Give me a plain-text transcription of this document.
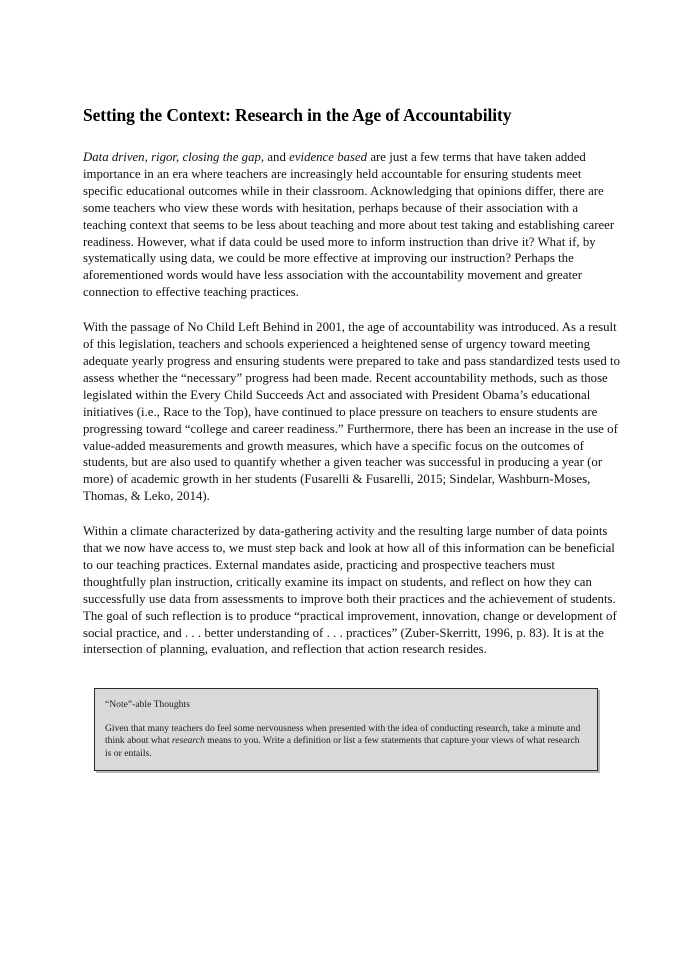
Setting the Context: Research in the Age of Accountability

Data driven, rigor, closing the gap, and evidence based are just a few terms that have taken added importance in an era where teachers are increasingly held accountable for ensuring students meet specific educational outcomes while in their classroom. Acknowledging that opinions differ, there are some teachers who view these words with hesitation, perhaps because of their association with a teaching context that seems to be less about teaching and more about test taking and establishing career readiness. However, what if data could be used more to inform instruction than drive it? What if, by systematically using data, we could be more effective at improving our instruction? Perhaps the aforementioned words would have less association with the accountability movement and greater connection to effective teaching practices.

With the passage of No Child Left Behind in 2001, the age of accountability was introduced. As a result of this legislation, teachers and schools experienced a heightened sense of urgency toward meeting adequate yearly progress and ensuring students were prepared to take and pass standardized tests used to assess whether the “necessary” progress had been made. Recent accountability methods, such as those legislated within the Every Child Succeeds Act and associated with President Obama’s educational initiatives (i.e., Race to the Top), have continued to place pressure on teachers to ensure students are progressing toward “college and career readiness.” Furthermore, there has been an increase in the use of value-added measurements and growth measures, which have a specific focus on the outcomes of students, but are also used to quantify whether a given teacher was successful in producing a year (or more) of academic growth in her students (Fusarelli & Fusarelli, 2015; Sindelar, Washburn-Moses, Thomas, & Leko, 2014).

Within a climate characterized by data-gathering activity and the resulting large number of data points that we now have access to, we must step back and look at how all of this information can be beneficial to our teaching practices. External mandates aside, practicing and prospective teachers must thoughtfully plan instruction, critically examine its impact on students, and reflect on how they can successfully use data from assessments to improve both their practices and the achievement of students. The goal of such reflection is to produce “practical improvement, innovation, change or development of social practice, and . . . better understanding of . . . practices” (Zuber-Skerritt, 1996, p. 83). It is at the intersection of planning, evaluation, and reflection that action research resides.

“Note”-able Thoughts

Given that many teachers do feel some nervousness when presented with the idea of conducting research, take a minute and think about what research means to you. Write a definition or list a few statements that capture your views of what research is or entails.
